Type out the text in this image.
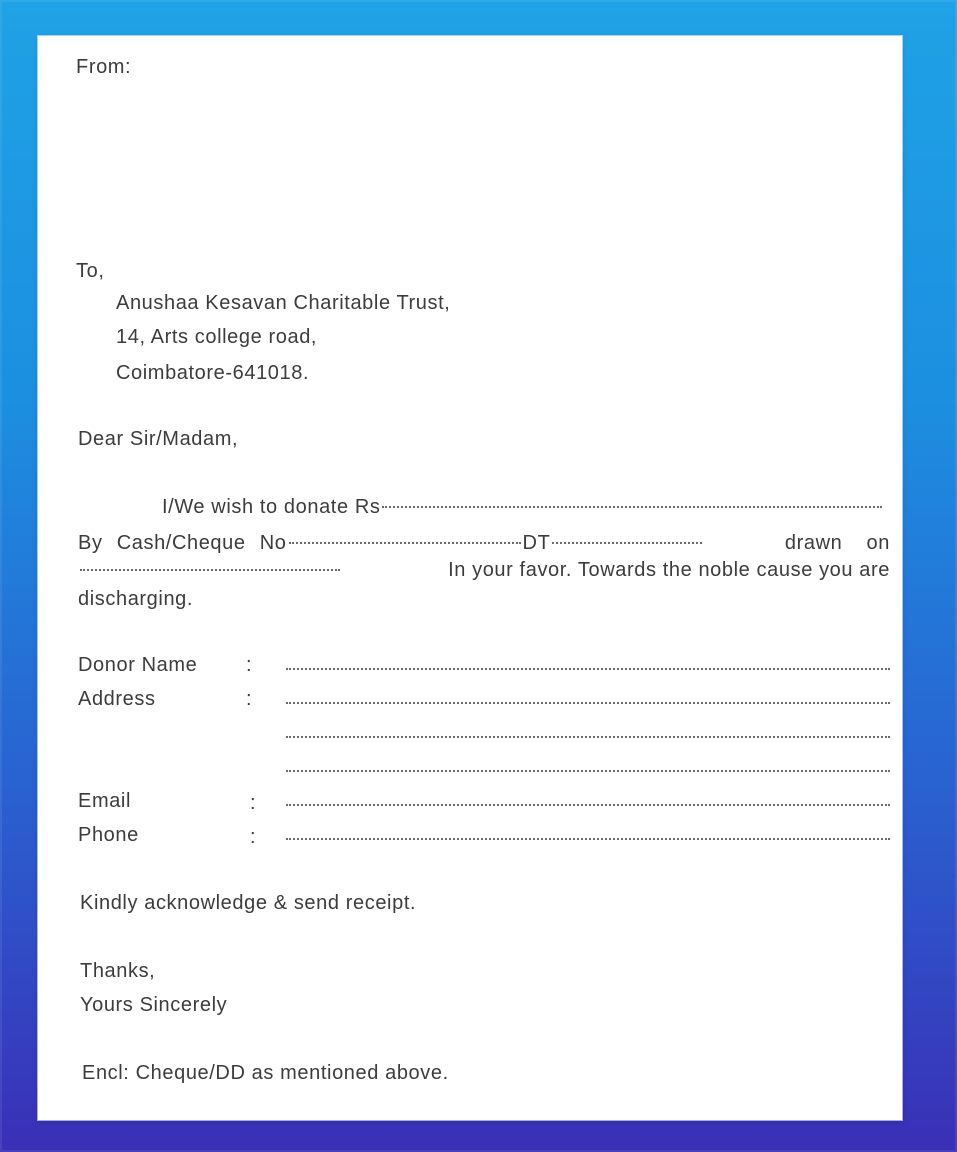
From:
To,
Anushaa Kesavan Charitable Trust,
14, Arts college road,
Coimbatore-641018.
Dear Sir/Madam,
I/We wish to donate Rs
By Cash/Cheque No	DT	drawn on
In your favor. Towards the noble cause you are
discharging.
Donor Name :
Address	:
Email	:
Phone	:
Kindly acknowledge & send receipt.
Thanks,
Yours Sincerely
Encl: Cheque/DD as mentioned above.
